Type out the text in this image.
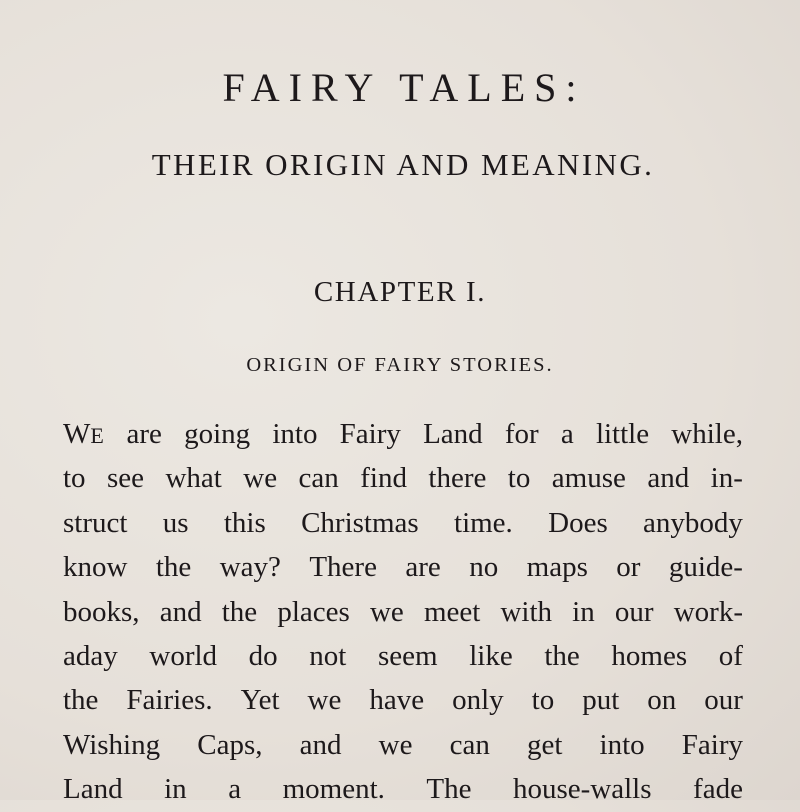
FAIRY TALES:
THEIR ORIGIN AND MEANING.
CHAPTER I.
ORIGIN OF FAIRY STORIES.
WE are going into Fairy Land for a little while,
to see what we can find there to amuse and in-
struct us this Christmas time. Does anybody
know the way? There are no maps or guide-
books, and the places we meet with in our work-
aday world do not seem like the homes of
the Fairies. Yet we have only to put on our
Wishing Caps, and we can get into Fairy
Land in a moment. The house-walls fade
